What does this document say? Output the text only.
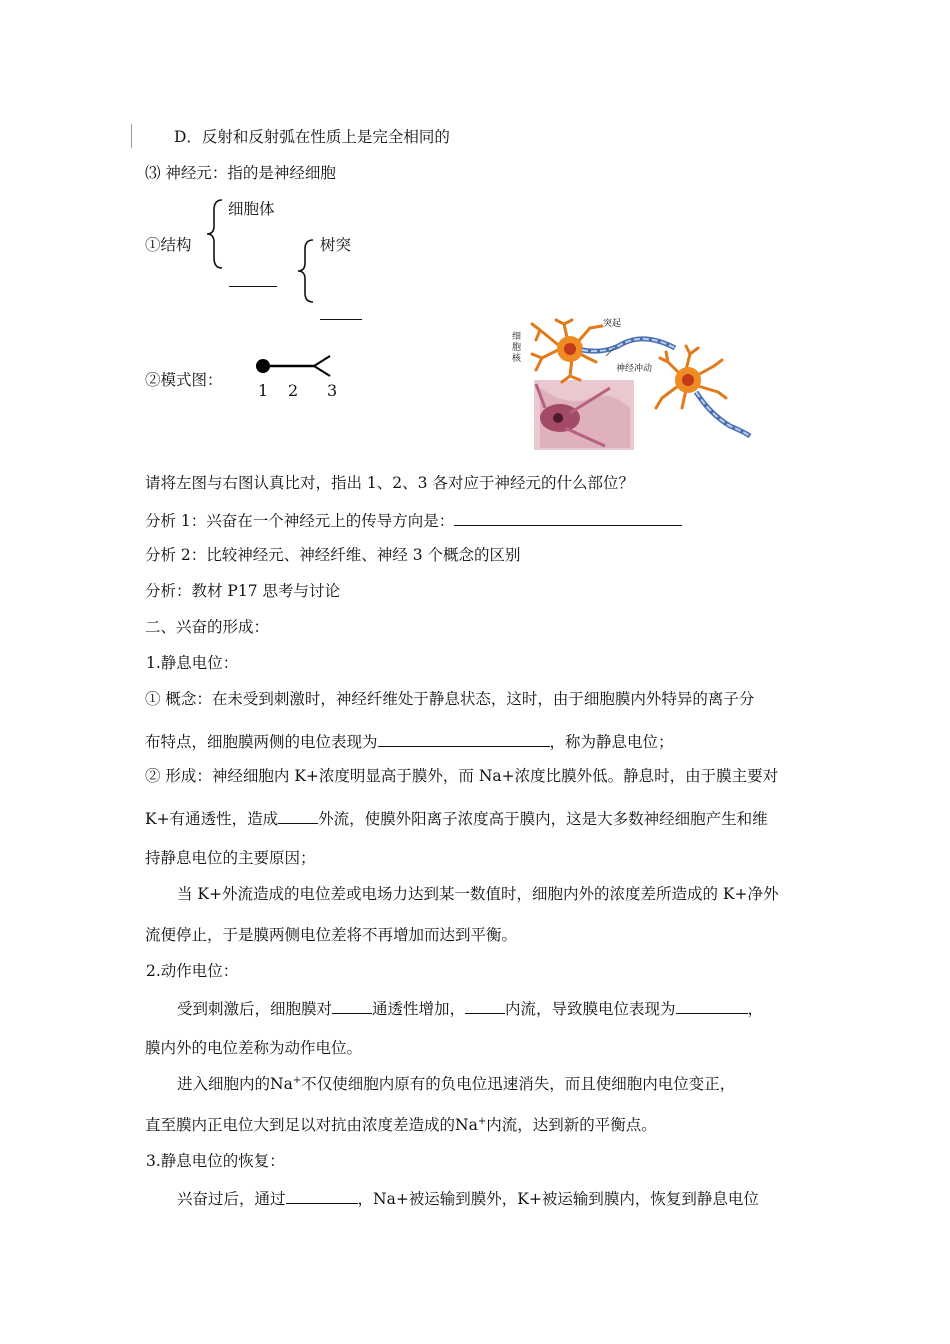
D．反射和反射弧在性质上是完全相同的
⑶ 神经元：指的是神经细胞
细胞体
①结构	树突
②模式图：
1 2 3
细
胞
核
突起
神经冲动
请将左图与右图认真比对，指出 1、2、3 各对应于神经元的什么部位？
分析 1：兴奋在一个神经元上的传导方向是：
分析 2：比较神经元、神经纤维、神经 3 个概念的区别
分析：教材 P17 思考与讨论
二、兴奋的形成：
1.静息电位：
① 概念：在未受到刺激时，神经纤维处于静息状态，这时，由于细胞膜内外特异的离子分
布特点，细胞膜两侧的电位表现为	，称为静息电位；
② 形成：神经细胞内 K+浓度明显高于膜外，而 Na+浓度比膜外低。静息时，由于膜主要对
K+有通透性，造成	外流，使膜外阳离子浓度高于膜内，这是大多数神经细胞产生和维
持静息电位的主要原因；
当 K+外流造成的电位差或电场力达到某一数值时，细胞内外的浓度差所造成的 K+净外
流便停止，于是膜两侧电位差将不再增加而达到平衡。
2.动作电位：
受到刺激后，细胞膜对	通透性增加，	内流，导致膜电位表现为	，
膜内外的电位差称为动作电位。
进入细胞内的Na+不仅使细胞内原有的负电位迅速消失，而且使细胞内电位变正，
直至膜内正电位大到足以对抗由浓度差造成的Na+内流，达到新的平衡点。
3.静息电位的恢复：
兴奋过后，通过	，Na+被运输到膜外，K+被运输到膜内，恢复到静息电位
